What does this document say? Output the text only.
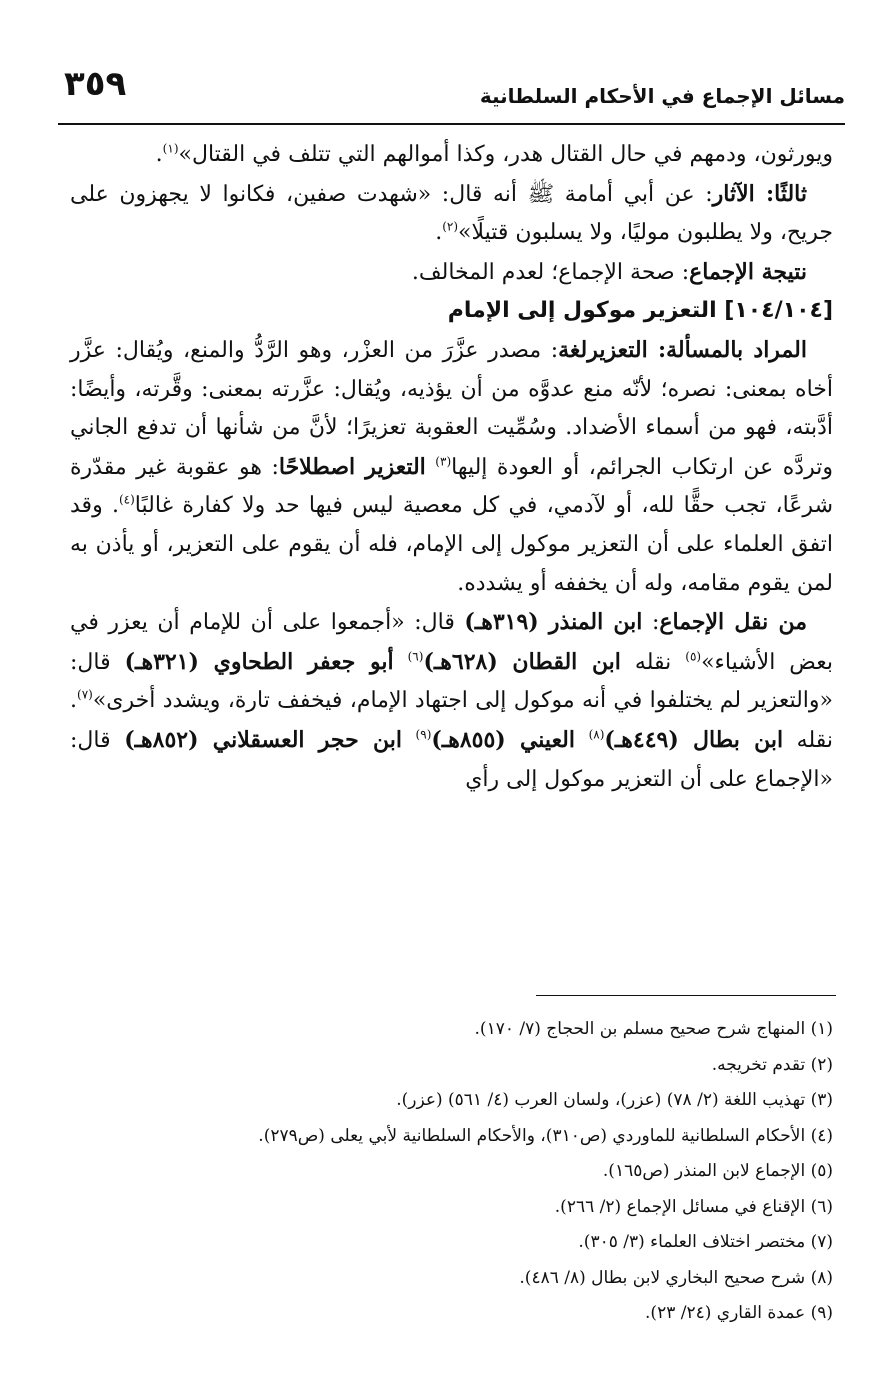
مسائل الإجماع في الأحكام السلطانية
٣٥٩

ويورثون، ودمهم في حال القتال هدر، وكذا أموالهم التي تتلف في القتال»$^{(١)}$.

ثالثًا: الآثار: عن أبي أمامة ﷺ أنه قال: «شهدت صفين، فكانوا لا يجهزون على جريح، ولا يطلبون موليًا، ولا يسلبون قتيلًا»$^{(٢)}$.

نتيجة الإجماع: صحة الإجماع؛ لعدم المخالف.

[١٠٤/١٠٤] التعزير موكول إلى الإمام

المراد بالمسألة: التعزيرلغة: مصدر عزَّرَ من العزْر، وهو الرَّدُّ والمنع، ويُقال: عزَّر أخاه بمعنى: نصره؛ لأنّه منع عدوَّه من أن يؤذيه، ويُقال: عزَّرته بمعنى: وقَّرته، وأيضًا: أدَّبته، فهو من أسماء الأضداد. وسُمِّيت العقوبة تعزيرًا؛ لأنَّ من شأنها أن تدفع الجاني وتردَّه عن ارتكاب الجرائم، أو العودة إليها$^{(٣)}$ التعزير اصطلاحًا: هو عقوبة غير مقدّرة شرعًا، تجب حقًّا لله، أو لآدمي، في كل معصية ليس فيها حد ولا كفارة غالبًا$^{(٤)}$. وقد اتفق العلماء على أن التعزير موكول إلى الإمام، فله أن يقوم على التعزير، أو يأذن به لمن يقوم مقامه، وله أن يخففه أو يشدده.

من نقل الإجماع: ابن المنذر (٣١٩هـ) قال: «أجمعوا على أن للإمام أن يعزر في بعض الأشياء»$^{(٥)}$ نقله ابن القطان (٦٢٨هـ)$^{(٦)}$ أبو جعفر الطحاوي (٣٢١هـ) قال: «والتعزير لم يختلفوا في أنه موكول إلى اجتهاد الإمام، فيخفف تارة، ويشدد أخرى»$^{(٧)}$. نقله ابن بطال (٤٤٩هـ)$^{(٨)}$ العيني (٨٥٥هـ)$^{(٩)}$ ابن حجر العسقلاني (٨٥٢هـ) قال: «الإجماع على أن التعزير موكول إلى رأي

(١) المنهاج شرح صحيح مسلم بن الحجاج (٧/ ١٧٠).
(٢) تقدم تخريجه.
(٣) تهذيب اللغة (٢/ ٧٨) (عزر)، ولسان العرب (٤/ ٥٦١) (عزر).
(٤) الأحكام السلطانية للماوردي (ص٣١٠)، والأحكام السلطانية لأبي يعلى (ص٢٧٩).
(٥) الإجماع لابن المنذر (ص١٦٥).
(٦) الإقناع في مسائل الإجماع (٢/ ٢٦٦).
(٧) مختصر اختلاف العلماء (٣/ ٣٠٥).
(٨) شرح صحيح البخاري لابن بطال (٨/ ٤٨٦).
(٩) عمدة القاري (٢٤/ ٢٣).
